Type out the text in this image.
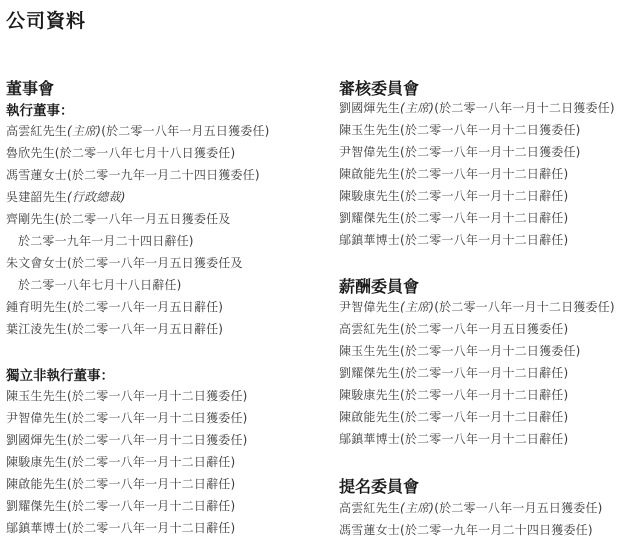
公司資料
董事會
執行董事：
高雲紅先生(主席)(於二零一八年一月五日獲委任)
魯欣先生(於二零一八年七月十八日獲委任)
馮雪蓮女士(於二零一九年一月二十四日獲委任)
吳建韶先生(行政總裁)
齊剛先生(於二零一八年一月五日獲委任及
於二零一九年一月二十四日辭任)
朱文會女士(於二零一八年一月五日獲委任及
於二零一八年七月十八日辭任)
鍾育明先生(於二零一八年一月五日辭任)
葉江淩先生(於二零一八年一月五日辭任)
獨立非執行董事：
陳玉生先生(於二零一八年一月十二日獲委任)
尹智偉先生(於二零一八年一月十二日獲委任)
劉國煇先生(於二零一八年一月十二日獲委任)
陳駿康先生(於二零一八年一月十二日辭任)
陳啟能先生(於二零一八年一月十二日辭任)
劉耀傑先生(於二零一八年一月十二日辭任)
鄔鎮華博士(於二零一八年一月十二日辭任)
審核委員會
劉國煇先生(主席)(於二零一八年一月十二日獲委任)
陳玉生先生(於二零一八年一月十二日獲委任)
尹智偉先生(於二零一八年一月十二日獲委任)
陳啟能先生(於二零一八年一月十二日辭任)
陳駿康先生(於二零一八年一月十二日辭任)
劉耀傑先生(於二零一八年一月十二日辭任)
鄔鎮華博士(於二零一八年一月十二日辭任)
薪酬委員會
尹智偉先生(主席)(於二零一八年一月十二日獲委任)
高雲紅先生(於二零一八年一月五日獲委任)
陳玉生先生(於二零一八年一月十二日獲委任)
劉耀傑先生(於二零一八年一月十二日辭任)
陳駿康先生(於二零一八年一月十二日辭任)
陳啟能先生(於二零一八年一月十二日辭任)
鄔鎮華博士(於二零一八年一月十二日辭任)
提名委員會
高雲紅先生(主席)(於二零一八年一月五日獲委任)
馮雪蓮女士(於二零一九年一月二十四日獲委任)
